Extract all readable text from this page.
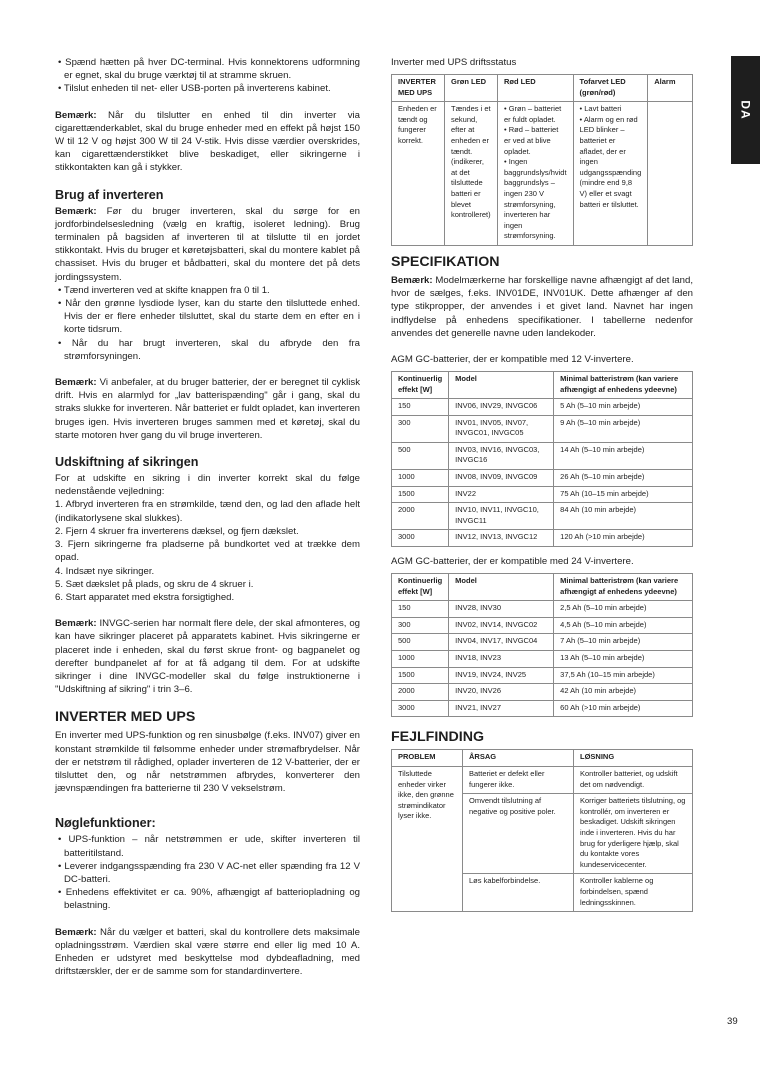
DA

• Spænd hætten på hver DC-terminal. Hvis konnektorens udformning er egnet, skal du bruge værktøj til at stramme skruen.

• Tilslut enheden til net- eller USB-porten på inverterens kabinet.

Bemærk: Når du tilslutter en enhed til din inverter via cigarettænderkablet, skal du bruge enheder med en effekt på højst 150 W til 12 V og højst 300 W til 24 V-stik. Hvis disse værdier overskrides, kan cigarettænderstikket blive beskadiget, eller sikringerne i stikkontakten kan gå i stykker.

Brug af inverteren

Bemærk: Før du bruger inverteren, skal du sørge for en jordforbindelsesledning (vælg en kraftig, isoleret ledning). Brug terminalen på bagsiden af inverteren til at tilslutte til en jordet stikkontakt. Hvis du bruger et køretøjsbatteri, skal du montere kablet på chassiset. Hvis du bruger et bådbatteri, skal du montere det på dets jordingssystem.

• Tænd inverteren ved at skifte knappen fra 0 til 1.

• Når den grønne lysdiode lyser, kan du starte den tilsluttede enhed. Hvis der er flere enheder tilsluttet, skal du starte dem en efter en i korte tidsrum.

• Når du har brugt inverteren, skal du afbryde den fra strømforsyningen.

Bemærk: Vi anbefaler, at du bruger batterier, der er beregnet til cyklisk drift. Hvis en alarmlyd for „lav batterispænding" går i gang, skal du straks slukke for inverteren. Når batteriet er fuldt opladet, kan inverteren bruges igen. Hvis inverteren bruges sammen med et køretøj, skal du starte motoren hver gang du vil bruge inverteren.

Udskiftning af sikringen

For at udskifte en sikring i din inverter korrekt skal du følge nedenstående vejledning:

1. Afbryd inverteren fra en strømkilde, tænd den, og lad den aflade helt (indikatorlysene skal slukkes).

2. Fjern 4 skruer fra inverterens dæksel, og fjern dækslet.

3. Fjern sikringerne fra pladserne på bundkortet ved at trække dem opad.

4. Indsæt nye sikringer.

5. Sæt dækslet på plads, og skru de 4 skruer i.

6. Start apparatet med ekstra forsigtighed.

Bemærk: INVGC-serien har normalt flere dele, der skal afmonteres, og kan have sikringer placeret på apparatets kabinet. Hvis sikringerne er placeret inde i enheden, skal du først skrue front- og bagpanelet og derefter bundpanelet af for at få adgang til dem. For at udskifte sikringer i dine INVGC-modeller skal du følge instruktionerne i "Udskiftning af sikring" i trin 3–6.

INVERTER MED UPS

En inverter med UPS-funktion og ren sinusbølge (f.eks. INV07) giver en konstant strømkilde til følsomme enheder under strømafbrydelser. Når der er netstrøm til rådighed, oplader inverteren de 12 V-batterier, der er tilsluttet den, og når netstrømmen afbrydes, konverterer den jævnspændingen fra batterierne til 230 V vekselstrøm.

Nøglefunktioner:

• UPS-funktion – når netstrømmen er ude, skifter inverteren til batteritilstand.

• Leverer indgangsspænding fra 230 V AC-net eller spænding fra 12 V DC-batteri.

• Enhedens effektivitet er ca. 90%, afhængigt af batteriopladning og belastning.

Bemærk: Når du vælger et batteri, skal du kontrollere dets maksimale opladningsstrøm. Værdien skal være større end eller lig med 10 A. Enheden er udstyret med beskyttelse mod dybdeafladning, med driftstærskler, der er de samme som for standardinvertere.

Inverter med UPS driftsstatus

INVERTER MED UPS	Grøn LED	Rød LED	Tofarvet LED (grøn/rød)	Alarm
Enheden er tændt og fungerer korrekt.	Tændes i et sekund, efter at enheden er tændt. (indikerer, at det tilsluttede batteri er blevet kontrolleret)	• Grøn – batteriet er fuldt opladet.
• Rød – batteriet er ved at blive opladet.
• Ingen baggrundslys/hvidt baggrundslys – ingen 230 V strømforsyning, inverteren har ingen strømforsyning.	• Lavt batteri
• Alarm og en rød LED blinker – batteriet er afladet, der er ingen udgangsspænding (mindre end 9,8 V) eller et svagt batteri er tilsluttet.	
SPECIFIKATION

Bemærk: Modelmærkerne har forskellige navne afhængigt af det land, hvor de sælges, f.eks. INV01DE, INV01UK. Dette afhænger af den type stikpropper, der anvendes i et givet land. Navnet har ingen indflydelse på enhedens specifikationer. I tabellerne nedenfor anvendes det generelle navne uden landekoder.

AGM GC-batterier, der er kompatible med 12 V-invertere.

Kontinuerlig effekt [W]	Model	Minimal batteristrøm (kan variere afhængigt af enhedens ydeevne)
150	INV06, INV29, INVGC06	5 Ah (5–10 min arbejde)
300	INV01, INV05, INV07, INVGC01, INVGC05	9 Ah (5–10 min arbejde)
500	INV03, INV16, INVGC03, INVGC16	14 Ah (5–10 min arbejde)
1000	INV08, INV09, INVGC09	26 Ah (5–10 min arbejde)
1500	INV22	75 Ah (10–15 min arbejde)
2000	INV10, INV11, INVGC10, INVGC11	84 Ah (10 min arbejde)
3000	INV12, INV13, INVGC12	120 Ah (>10 min arbejde)

AGM GC-batterier, der er kompatible med 24 V-invertere.

Kontinuerlig effekt [W]	Model	Minimal batteristrøm (kan variere afhængigt af enhedens ydeevne)
150	INV28, INV30	2,5 Ah (5–10 min arbejde)
300	INV02, INV14, INVGC02	4,5 Ah (5–10 min arbejde)
500	INV04, INV17, INVGC04	7 Ah (5–10 min arbejde)
1000	INV18, INV23	13 Ah (5–10 min arbejde)
1500	INV19, INV24, INV25	37,5 Ah (10–15 min arbejde)
2000	INV20, INV26	42 Ah (10 min arbejde)
3000	INV21, INV27	60 Ah (>10 min arbejde)
FEJLFINDING
PROBLEM	ÅRSAG	LØSNING
Tilsluttede enheder virker ikke, den grønne strømindikator lyser ikke.	Batteriet er defekt eller fungerer ikke.	Kontroller batteriet, og udskift det om nødvendigt.
	Omvendt tilslutning af negative og positive poler.	Korriger batteriets tilslutning, og kontrollér, om inverteren er beskadiget. Udskift sikringen inde i inverteren. Hvis du har brug for yderligere hjælp, skal du kontakte vores kundeservicecenter.
	Løs kabelforbindelse.	Kontroller kablerne og forbindelsen, spænd ledningsskinnen.
39
